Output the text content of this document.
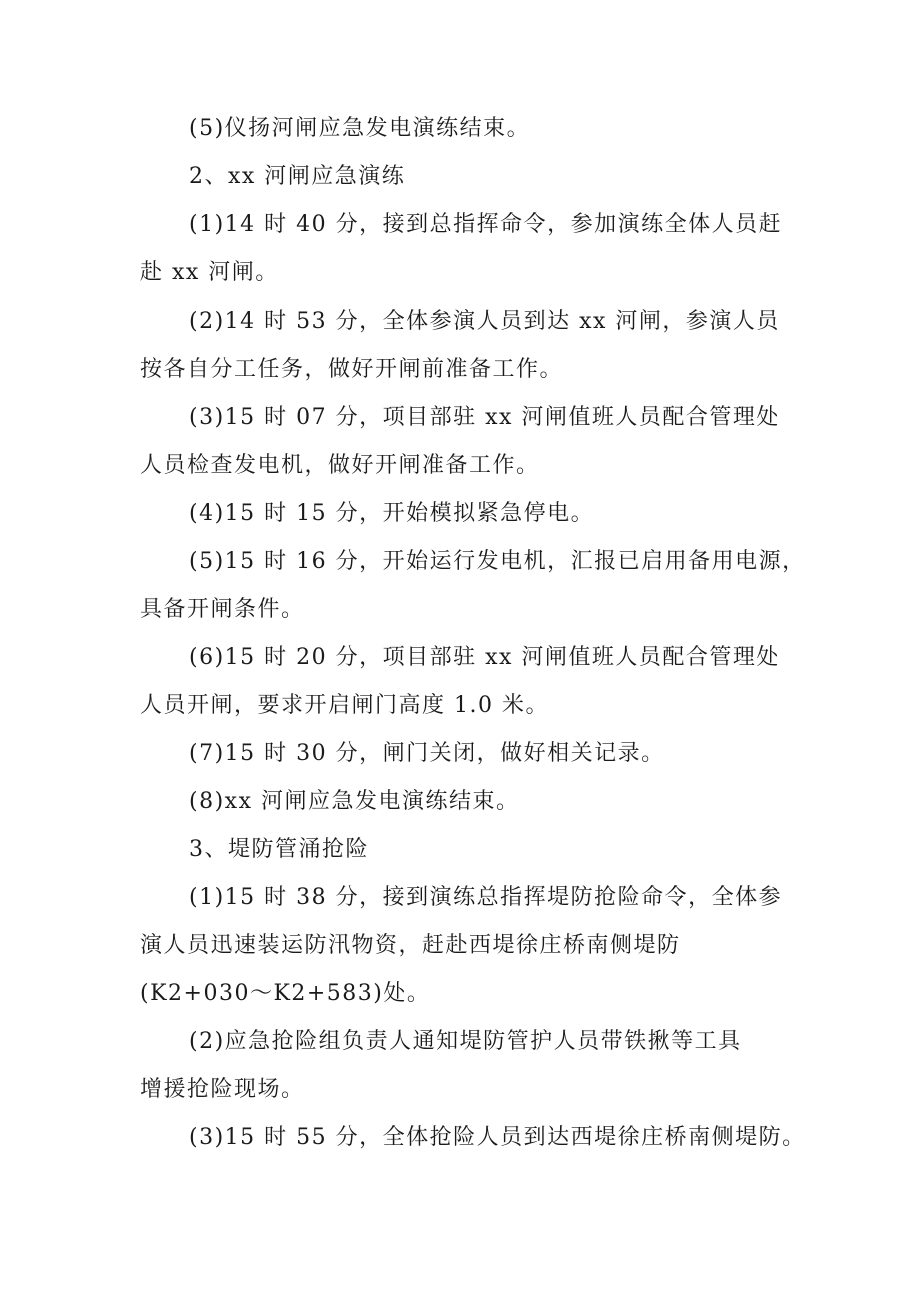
(5)仪扬河闸应急发电演练结束。
2、xx 河闸应急演练
(1)14 时 40 分，接到总指挥命令，参加演练全体人员赶
赴 xx 河闸。
(2)14 时 53 分，全体参演人员到达 xx 河闸，参演人员
按各自分工任务，做好开闸前准备工作。
(3)15 时 07 分，项目部驻 xx 河闸值班人员配合管理处
人员检查发电机，做好开闸准备工作。
(4)15 时 15 分，开始模拟紧急停电。
(5)15 时 16 分，开始运行发电机，汇报已启用备用电源，
具备开闸条件。
(6)15 时 20 分，项目部驻 xx 河闸值班人员配合管理处
人员开闸，要求开启闸门高度 1.0 米。
(7)15 时 30 分，闸门关闭，做好相关记录。
(8)xx 河闸应急发电演练结束。
3、堤防管涌抢险
(1)15 时 38 分，接到演练总指挥堤防抢险命令，全体参
演人员迅速装运防汛物资，赶赴西堤徐庄桥南侧堤防
(K2+030～K2+583)处。
(2)应急抢险组负责人通知堤防管护人员带铁揪等工具
增援抢险现场。
(3)15 时 55 分，全体抢险人员到达西堤徐庄桥南侧堤防。
